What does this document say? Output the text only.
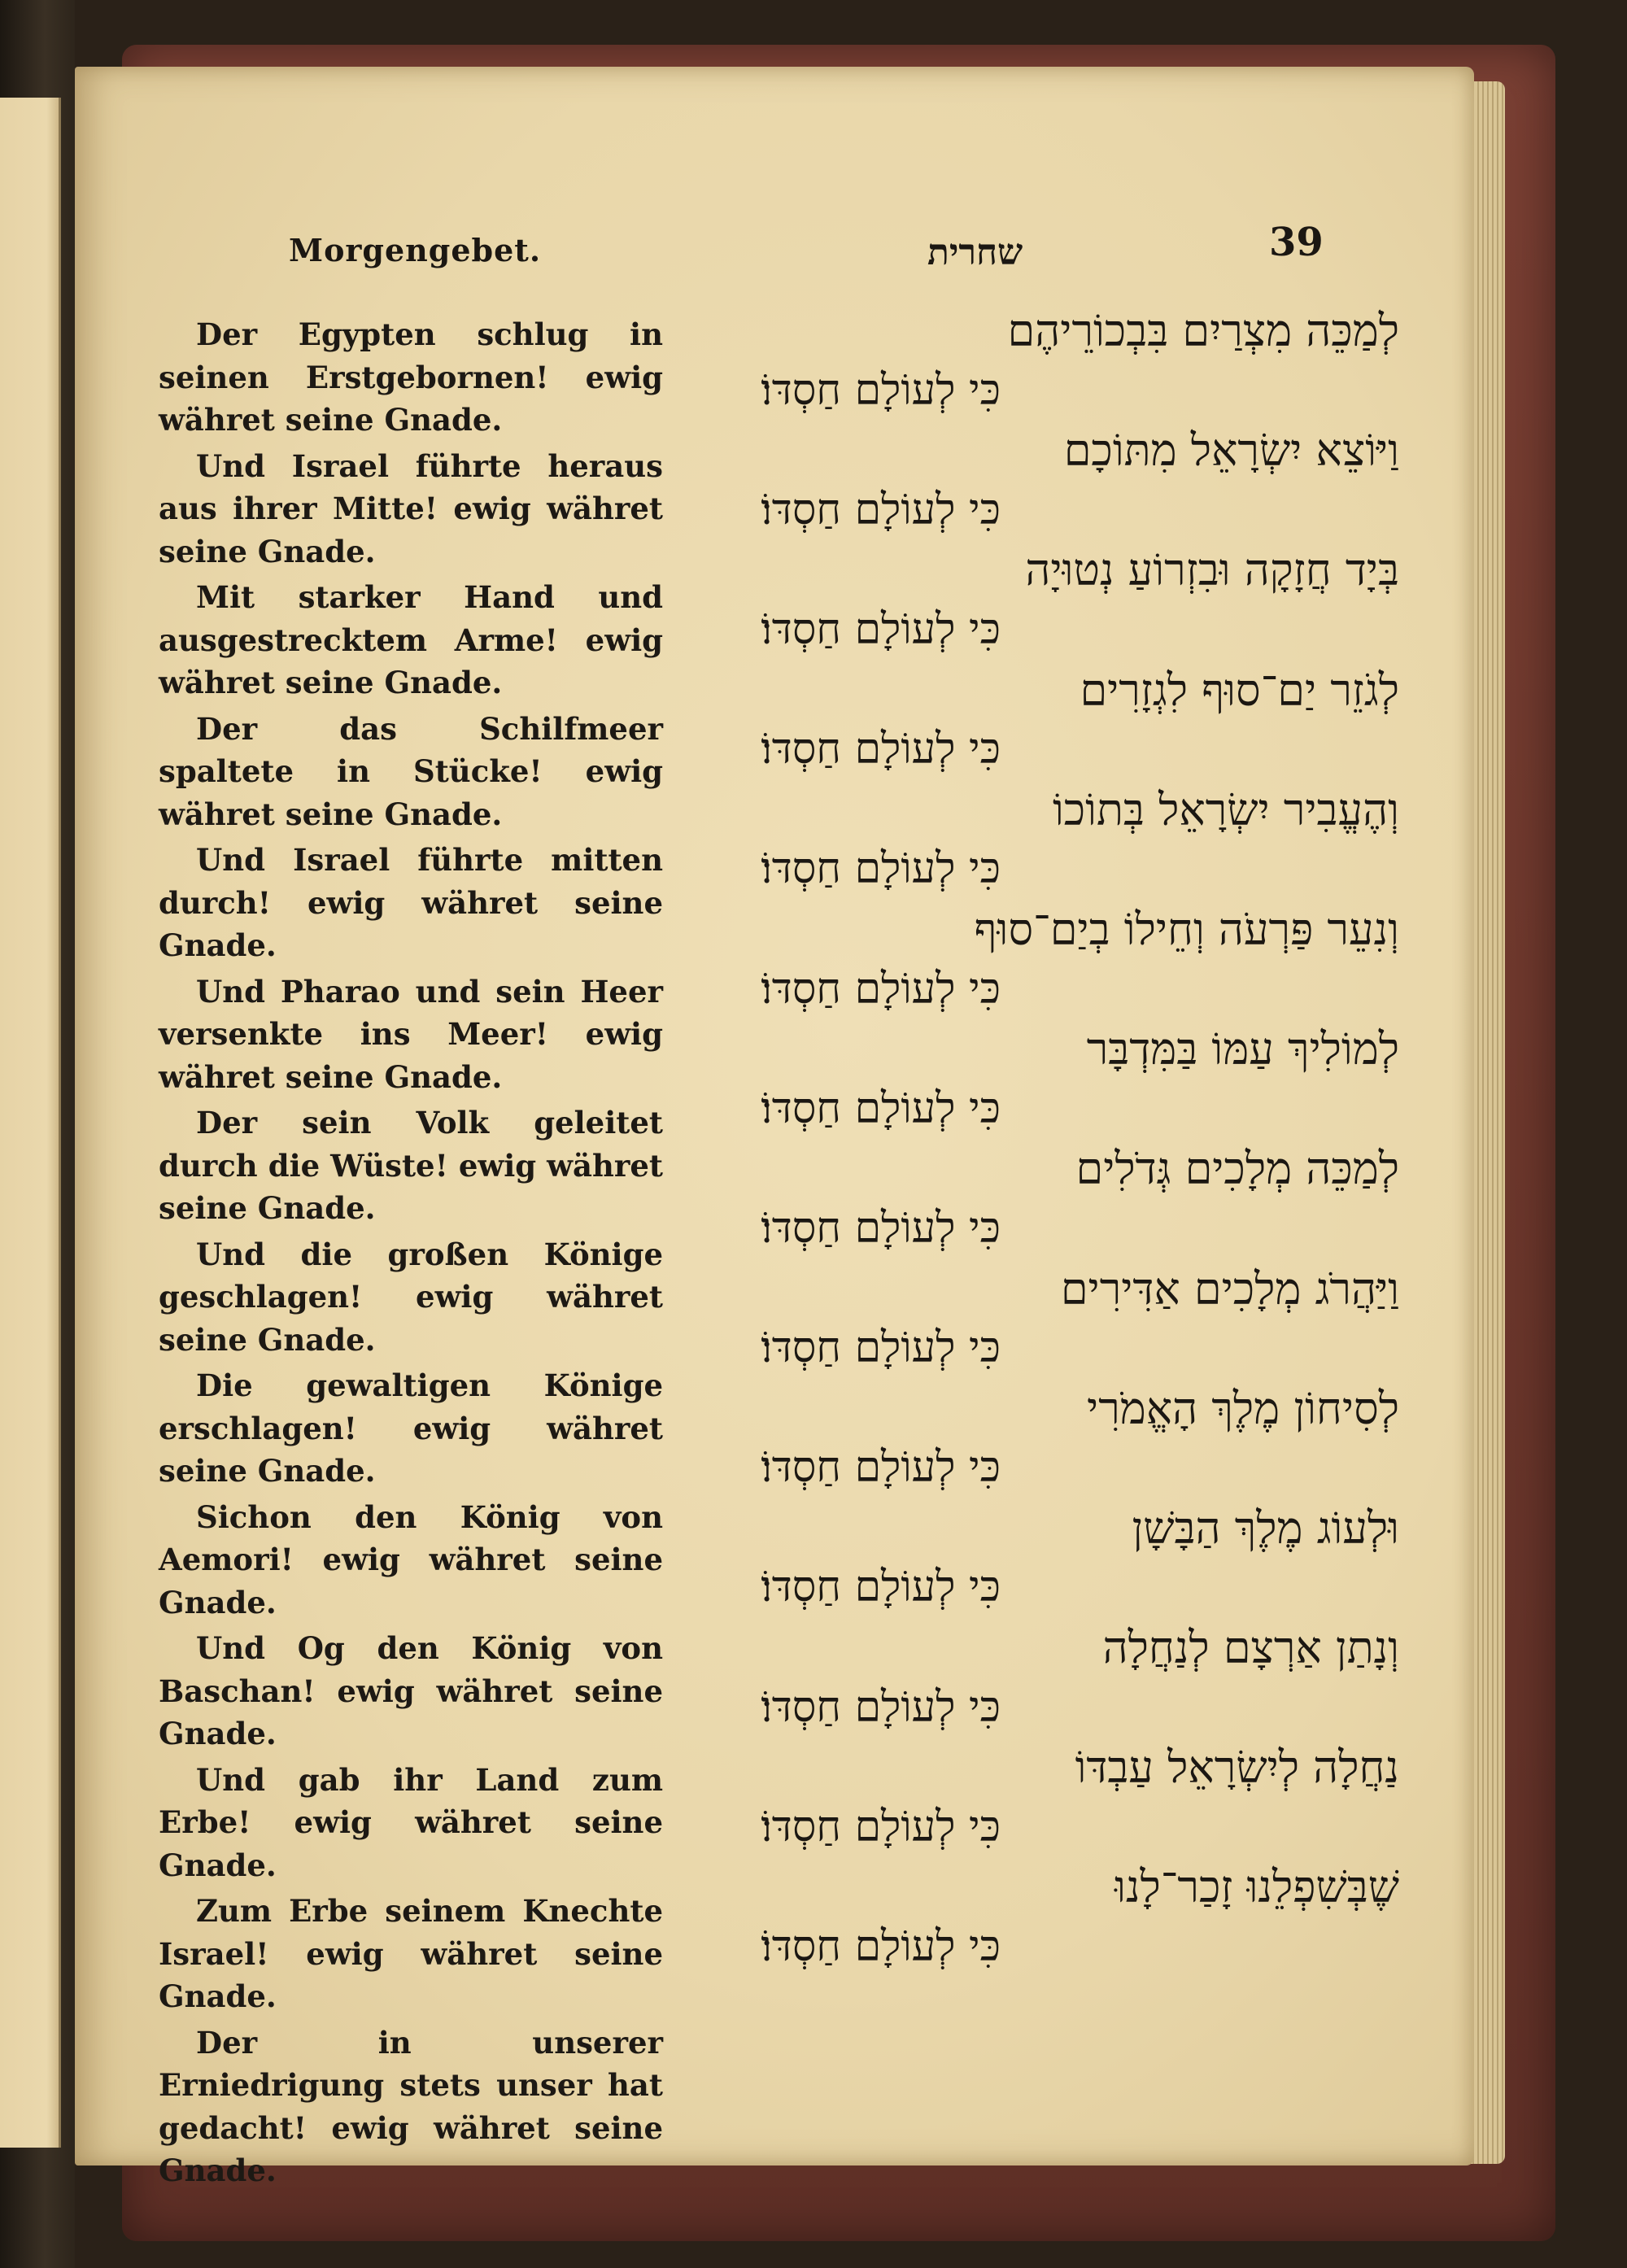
Morgengebet.	שחרית	39

Der Egypten schlug in seinen Erstgebornen! ewig währet seine Gnade.

Und Israel führte heraus aus ihrer Mitte! ewig währet seine Gnade.

Mit starker Hand und ausgestrecktem Arme! ewig währet seine Gnade.

Der das Schilfmeer spaltete in Stücke! ewig währet seine Gnade.

Und Israel führte mitten durch! ewig währet seine Gnade.

Und Pharao und sein Heer versenkte ins Meer! ewig währet seine Gnade.

Der sein Volk geleitet durch die Wüste! ewig währet seine Gnade.

Und die großen Könige geschlagen! ewig währet seine Gnade.

Die gewaltigen Könige erschlagen! ewig währet seine Gnade.

Sichon den König von Aemori! ewig währet seine Gnade.

Und Og den König von Baschan! ewig währet seine Gnade.

Und gab ihr Land zum Erbe! ewig währet seine Gnade.

Zum Erbe seinem Knechte Israel! ewig währet seine Gnade.

Der in unserer Erniedrigung stets unser hat gedacht! ewig währet seine Gnade.

לְמַכֵּה מִצְרַיִם בִּבְכוֹרֵיהֶם
כִּי לְעוֹלָם חַסְדּוֹ׃
וַיּוֹצֵא יִשְׂרָאֵל מִתּוֹכָם
כִּי לְעוֹלָם חַסְדּוֹ׃
בְּיָד חֲזָקָה וּבִזְרוֹעַ נְטוּיָה
כִּי לְעוֹלָם חַסְדּוֹ׃
לְגֹזֵר יַם־סוּף לִגְזָרִים
כִּי לְעוֹלָם חַסְדּוֹ׃
וְהֶעֱבִיר יִשְׂרָאֵל בְּתוֹכוֹ
כִּי לְעוֹלָם חַסְדּוֹ׃
וְנִעֵר פַּרְעֹה וְחֵילוֹ בְיַם־סוּף
כִּי לְעוֹלָם חַסְדּוֹ׃
לְמוֹלִיךְ עַמּוֹ בַּמִּדְבָּר
כִּי לְעוֹלָם חַסְדּוֹ׃
לְמַכֵּה מְלָכִים גְּדֹלִים
כִּי לְעוֹלָם חַסְדּוֹ׃
וַיַּהֲרֹג מְלָכִים אַדִּירִים
כִּי לְעוֹלָם חַסְדּוֹ׃
לְסִיחוֹן מֶלֶךְ הָאֱמֹרִי
כִּי לְעוֹלָם חַסְדּוֹ׃
וּלְעוֹג מֶלֶךְ הַבָּשָׁן
כִּי לְעוֹלָם חַסְדּוֹ׃
וְנָתַן אַרְצָם לְנַחֲלָה
כִּי לְעוֹלָם חַסְדּוֹ׃
נַחֲלָה לְיִשְׂרָאֵל עַבְדּוֹ
כִּי לְעוֹלָם חַסְדּוֹ׃
שֶׁבְּשִׁפְלֵנוּ זָכַר־לָנוּ
כִּי לְעוֹלָם חַסְדּוֹ׃
